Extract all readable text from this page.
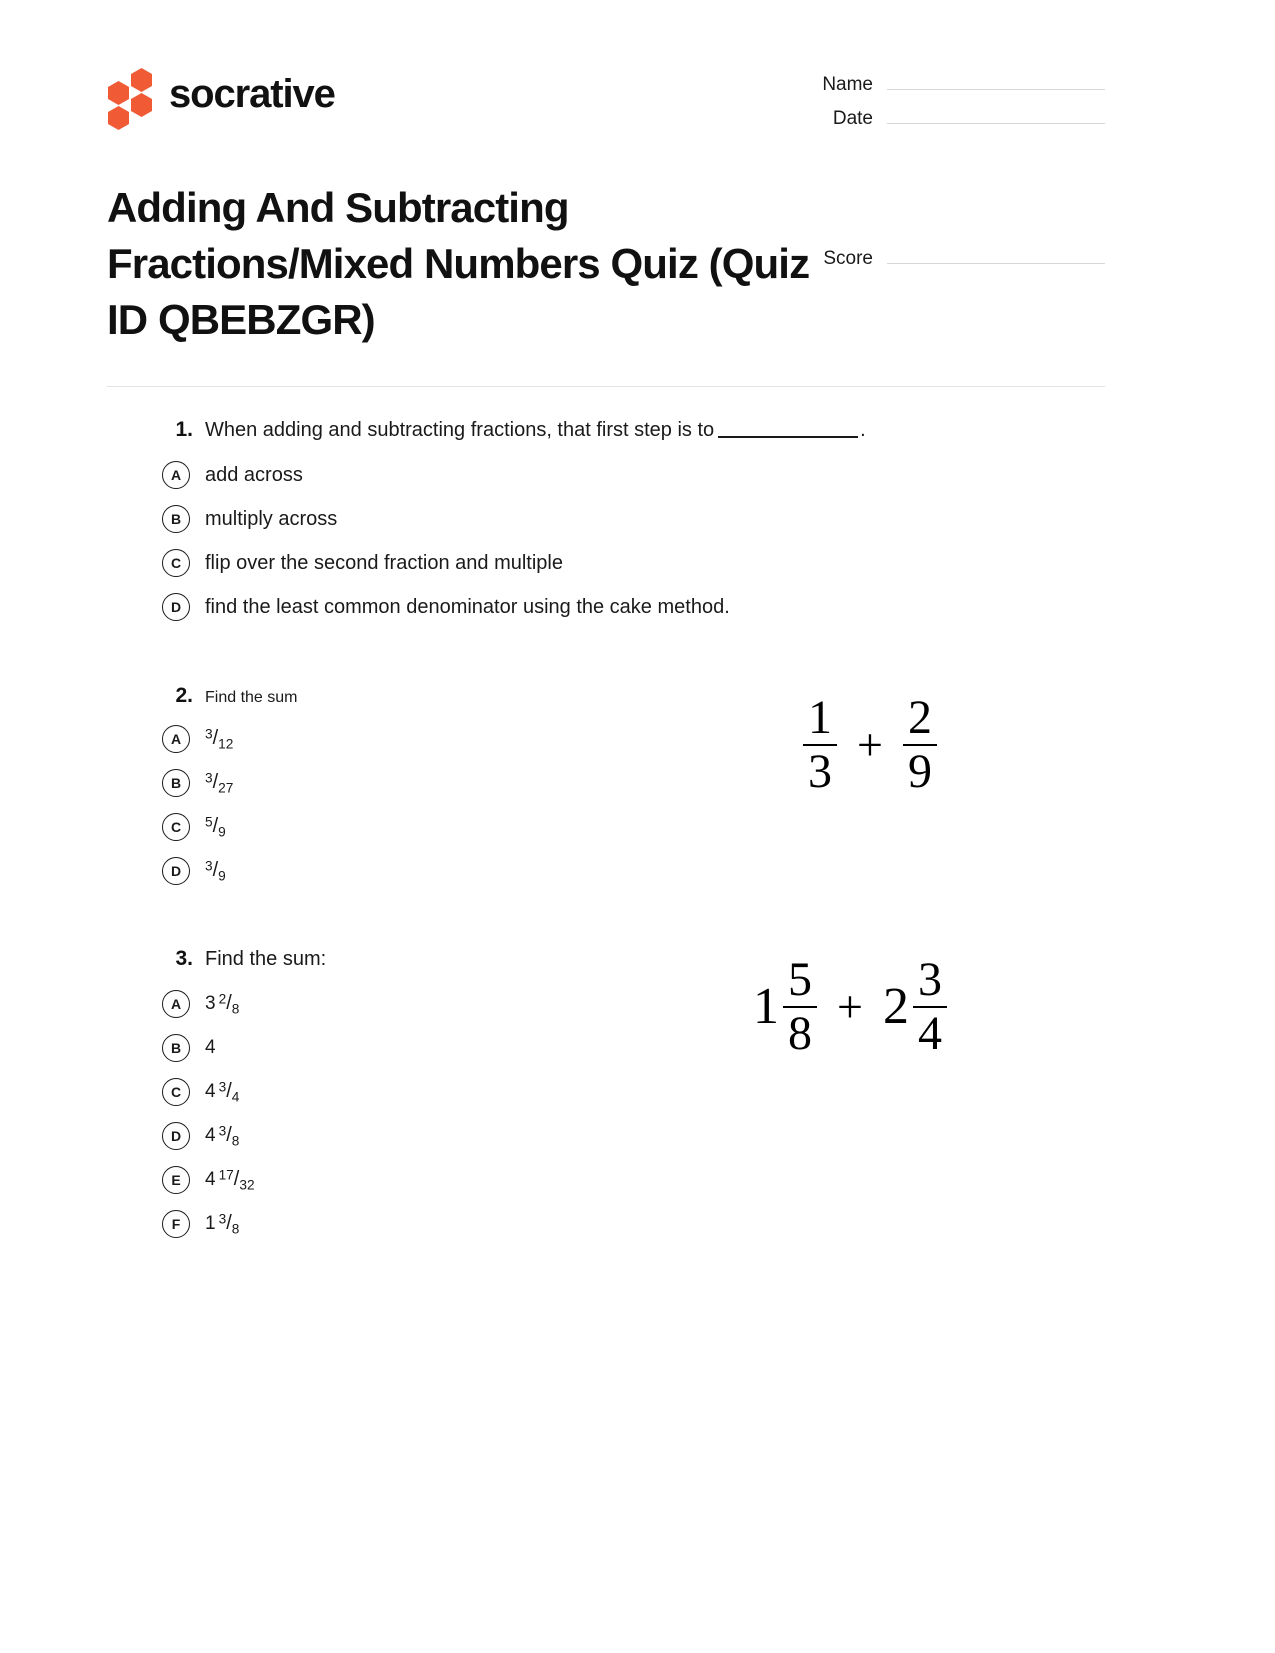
socrative	Name
Date
Adding And Subtracting Fractions/Mixed Numbers Quiz (Quiz ID QBEBZGR)
Score
1. When adding and subtracting fractions, that first step is to	.
A	add across
B	multiply across
C	flip over the second fraction and multiple
D	find the least common denominator using the cake method.
2. Find the sum
A	$^3/_{12}$
B	$^3/_{27}$
C	$^5/_9$
D	$^3/_9$
$\frac{1}{3} + \frac{2}{9}$
3. Find the sum:
A	3 $^2/_8$
B	4
C	4 $^3/_4$
D	4 $^3/_8$
E	4 $^{17}/_{32}$
F	1 $^3/_8$
$1 \frac{5}{8} + 2 \frac{3}{4}$
